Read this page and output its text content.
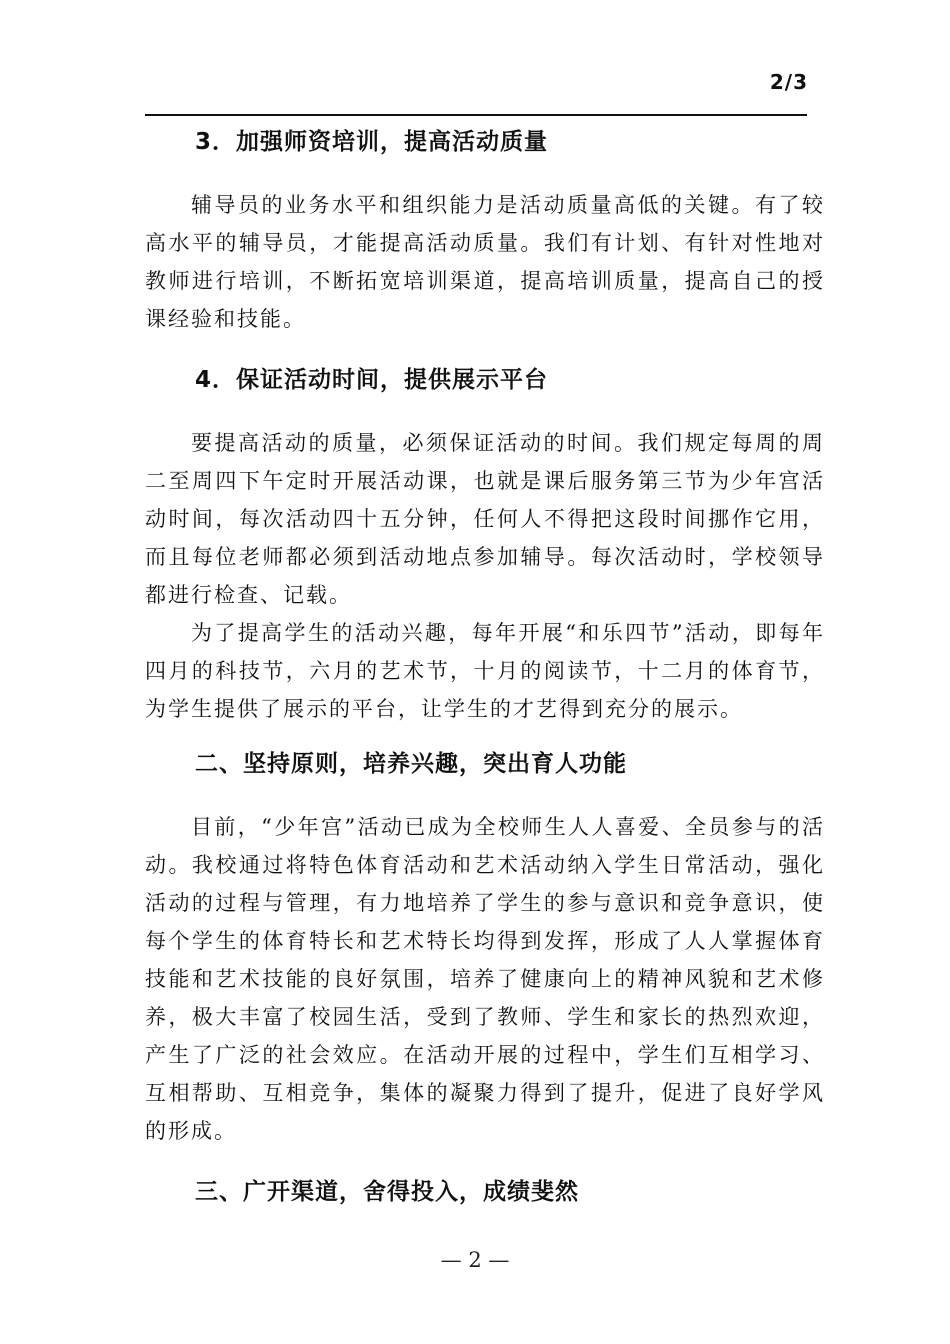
2/3
3．加强师资培训，提高活动质量

辅导员的业务水平和组织能力是活动质量高低的关键。有了较高水平的辅导员，才能提高活动质量。我们有计划、有针对性地对教师进行培训，不断拓宽培训渠道，提高培训质量，提高自己的授课经验和技能。

4．保证活动时间，提供展示平台

要提高活动的质量，必须保证活动的时间。我们规定每周的周二至周四下午定时开展活动课，也就是课后服务第三节为少年宫活动时间，每次活动四十五分钟，任何人不得把这段时间挪作它用，而且每位老师都必须到活动地点参加辅导。每次活动时，学校领导都进行检查、记载。

为了提高学生的活动兴趣，每年开展“和乐四节”活动，即每年四月的科技节，六月的艺术节，十月的阅读节，十二月的体育节，为学生提供了展示的平台，让学生的才艺得到充分的展示。

二、坚持原则，培养兴趣，突出育人功能

目前，“少年宫”活动已成为全校师生人人喜爱、全员参与的活动。我校通过将特色体育活动和艺术活动纳入学生日常活动，强化活动的过程与管理，有力地培养了学生的参与意识和竞争意识，使每个学生的体育特长和艺术特长均得到发挥，形成了人人掌握体育技能和艺术技能的良好氛围，培养了健康向上的精神风貌和艺术修养，极大丰富了校园生活，受到了教师、学生和家长的热烈欢迎，产生了广泛的社会效应。在活动开展的过程中，学生们互相学习、互相帮助、互相竞争，集体的凝聚力得到了提升，促进了良好学风的形成。

三、广开渠道，舍得投入，成绩斐然
— 2 —
